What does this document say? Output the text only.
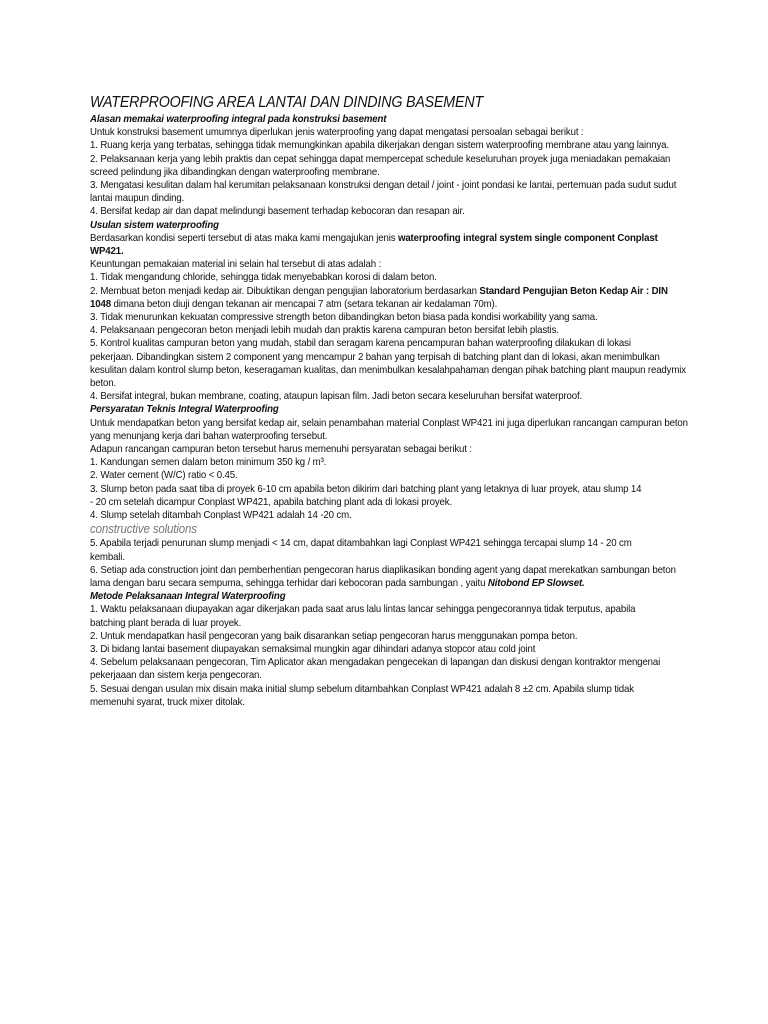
WATERPROOFING AREA LANTAI DAN DINDING BASEMENT

Alasan memakai waterproofing integral pada konstruksi basement

Untuk konstruksi basement umumnya diperlukan jenis waterproofing yang dapat mengatasi persoalan sebagai berikut :

1. Ruang kerja yang terbatas, sehingga tidak memungkinkan apabila dikerjakan dengan sistem waterproofing membrane atau yang lainnya.

2. Pelaksanaan kerja yang lebih praktis dan cepat sehingga dapat mempercepat schedule keseluruhan proyek juga meniadakan pemakaian screed pelindung jika dibandingkan dengan waterproofing membrane.

3. Mengatasi kesulitan dalam hal kerumitan pelaksanaan konstruksi dengan detail / joint - joint pondasi ke lantai, pertemuan pada sudut sudut lantai maupun dinding.

4. Bersifat kedap air dan dapat melindungi basement terhadap kebocoran dan resapan air.

Usulan sistem waterproofing

Berdasarkan kondisi seperti tersebut di atas maka kami mengajukan jenis waterproofing integral system single component Conplast WP421.

Keuntungan pemakaian material ini selain hal tersebut di atas adalah :

1. Tidak mengandung chloride, sehingga tidak menyebabkan korosi di dalam beton.

2. Membuat beton menjadi kedap air. Dibuktikan dengan pengujian laboratorium berdasarkan Standard Pengujian Beton Kedap Air : DIN 1048 dimana beton diuji dengan tekanan air mencapai 7 atm (setara tekanan air kedalaman 70m).

3. Tidak menurunkan kekuatan compressive strength beton dibandingkan beton biasa pada kondisi workability yang sama.

4. Pelaksanaan pengecoran beton menjadi lebih mudah dan praktis karena campuran beton bersifat lebih plastis.

5. Kontrol kualitas campuran beton yang mudah, stabil dan seragam karena pencampuran bahan waterproofing dilakukan di lokasi

pekerjaan. Dibandingkan sistem 2 component yang mencampur 2 bahan yang terpisah di batching plant dan di lokasi, akan menimbulkan kesulitan dalam kontrol slump beton, keseragaman kualitas, dan menimbulkan kesalahpahaman dengan pihak batching plant maupun readymix beton.

4. Bersifat integral, bukan membrane, coating, ataupun lapisan film. Jadi beton secara keseluruhan bersifat waterproof.

Persyaratan Teknis Integral Waterproofing

Untuk mendapatkan beton yang bersifat kedap air, selain penambahan material Conplast WP421 ini juga diperlukan rancangan campuran beton yang menunjang kerja dari bahan waterproofing tersebut.

Adapun rancangan campuran beton tersebut harus memenuhi persyaratan sebagai berikut :

1. Kandungan semen dalam beton minimum 350 kg / m³.

2. Water cement (W/C) ratio < 0.45.

3. Slump beton pada saat tiba di proyek 6-10 cm apabila beton dikirim dari batching plant yang letaknya di luar proyek, atau slump 14

- 20 cm setelah dicampur Conplast WP421, apabila batching plant ada di lokasi proyek.

4. Slump setelah ditambah Conplast WP421 adalah 14 -20 cm.

constructive solutions

5. Apabila terjadi penurunan slump menjadi < 14 cm, dapat ditambahkan lagi Conplast WP421 sehingga tercapai slump 14 - 20 cm

kembali.

6. Setiap ada construction joint dan pemberhentian pengecoran harus diaplikasikan bonding agent yang dapat merekatkan sambungan beton lama dengan baru secara sempurna, sehingga terhidar dari kebocoran pada sambungan , yaitu Nitobond EP Slowset.

Metode Pelaksanaan Integral Waterproofing

1. Waktu pelaksanaan diupayakan agar dikerjakan pada saat arus lalu lintas lancar sehingga pengecorannya tidak terputus, apabila

batching plant berada di luar proyek.

2. Untuk mendapatkan hasil pengecoran yang baik disarankan setiap pengecoran harus menggunakan pompa beton.

3. Di bidang lantai basement diupayakan semaksimal mungkin agar dihindari adanya stopcor atau cold joint

4. Sebelum pelaksanaan pengecoran, Tim Aplicator akan mengadakan pengecekan di lapangan dan diskusi dengan kontraktor mengenai pekerjaaan dan sistem kerja pengecoran.

5. Sesuai dengan usulan mix disain maka initial slump sebelum ditambahkan Conplast WP421 adalah 8 ±2 cm. Apabila slump tidak

memenuhi syarat, truck mixer ditolak.
